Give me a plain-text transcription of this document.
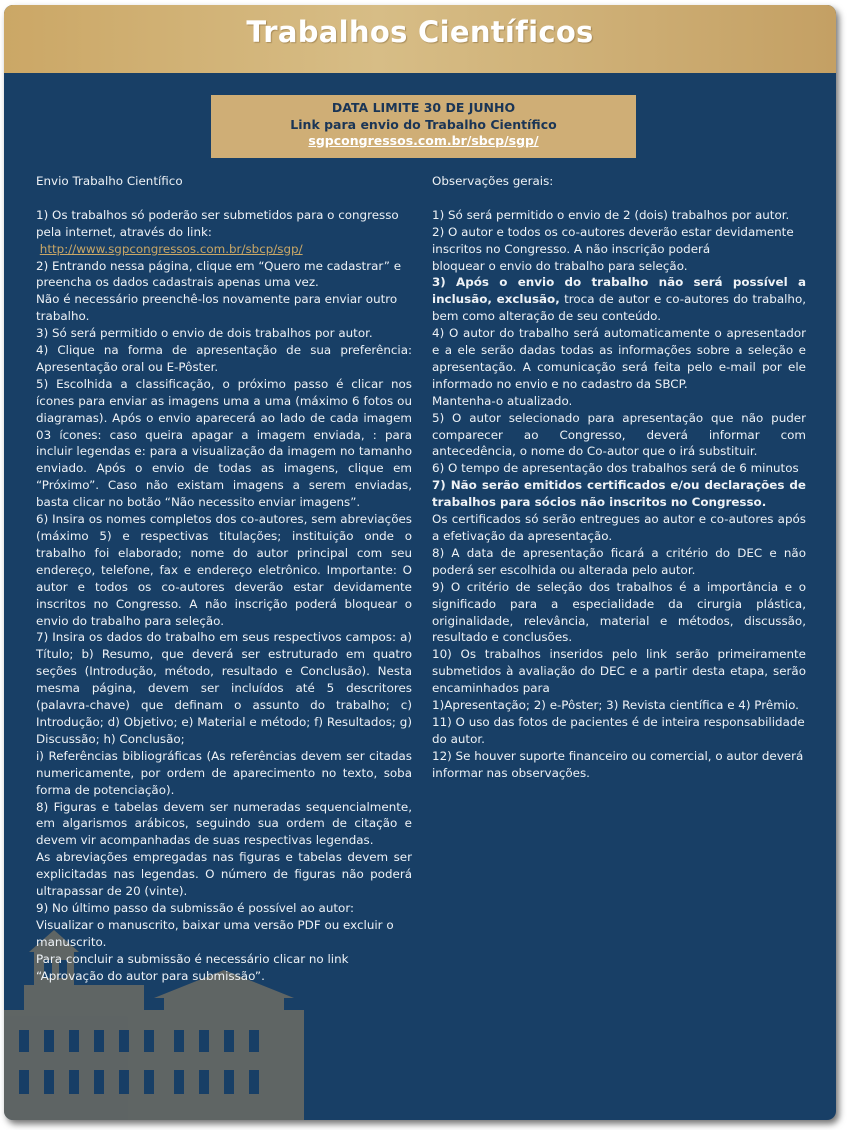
Trabalhos Científicos
DATA LIMITE 30 DE JUNHO
Link para envio do Trabalho Científico
sgpcongressos.com.br/sbcp/sgp/

Envio Trabalho Científico

1) Os trabalhos só poderão ser submetidos para o congresso pela internet, através do link:

http://www.sgpcongressos.com.br/sbcp/sgp/

2) Entrando nessa página, clique em “Quero me cadastrar” e preencha os dados cadastrais apenas uma vez.
Não é necessário preenchê-los novamente para enviar outro trabalho.

3) Só será permitido o envio de dois trabalhos por autor.

4) Clique na forma de apresentação de sua preferência: Apresentação oral ou E-Pôster.

5) Escolhida a classificação, o próximo passo é clicar nos ícones para enviar as imagens uma a uma (máximo 6 fotos ou diagramas). Após o envio aparecerá ao lado de cada imagem 03 ícones: caso queira apagar a imagem enviada, : para incluir legendas e: para a visualização da imagem no tamanho enviado. Após o envio de todas as imagens, clique em “Próximo”. Caso não existam imagens a serem enviadas, basta clicar no botão “Não necessito enviar imagens”.

6) Insira os nomes completos dos co-autores, sem abreviações (máximo 5) e respectivas titulações; instituição onde o trabalho foi elaborado; nome do autor principal com seu endereço, telefone, fax e endereço eletrônico. Importante: O autor e todos os co-autores deverão estar devidamente inscritos no Congresso. A não inscrição poderá bloquear o envio do trabalho para seleção.

7) Insira os dados do trabalho em seus respectivos campos: a) Título; b) Resumo, que deverá ser estruturado em quatro seções (Introdução, método, resultado e Conclusão). Nesta mesma página, devem ser incluídos até 5 descritores (palavra-chave) que definam o assunto do trabalho; c) Introdução; d) Objetivo; e) Material e método; f) Resultados; g) Discussão; h) Conclusão;
i) Referências bibliográficas (As referências devem ser citadas numericamente, por ordem de aparecimento no texto, soba  forma de potenciação).

8) Figuras e tabelas devem ser numeradas sequencialmente, em algarismos arábicos, seguindo sua ordem de citação e devem vir acompanhadas de suas respectivas legendas.
As abreviações empregadas nas figuras e tabelas devem ser explicitadas nas legendas. O número de figuras não poderá ultrapassar de 20 (vinte).

9) No último passo da submissão é possível ao autor: Visualizar o manuscrito, baixar uma versão PDF ou excluir o manuscrito.
Para concluir a submissão é necessário clicar no link “Aprovação do autor para submissão”.

Observações gerais:

1) Só será permitido o envio de 2 (dois) trabalhos por autor.

2) O autor e todos os co-autores deverão estar devidamente inscritos no Congresso. A não inscrição poderá
bloquear o envio do trabalho para seleção.

3) Após o envio do trabalho não será possível a inclusão, exclusão, troca de autor e co-autores do trabalho, bem como alteração de seu conteúdo.

4) O autor do trabalho será automaticamente o apresentador e a ele serão dadas todas as informações sobre a seleção e apresentação. A comunicação será feita pelo e-mail por ele informado no envio e no cadastro da SBCP.
Mantenha-o atualizado.

5) O autor selecionado para apresentação que não puder comparecer ao Congresso, deverá informar com antecedência, o nome do Co-autor que o irá substituir.

6) O tempo de apresentação dos trabalhos será de 6 minutos

7) Não serão emitidos certificados e/ou declarações de trabalhos para sócios não inscritos no Congresso.

Os certificados só serão entregues ao autor e co-autores após a efetivação da apresentação.

8) A data de apresentação ficará a critério do DEC e não poderá ser escolhida ou alterada pelo autor.

9) O critério de seleção dos trabalhos é a importância e o significado para a especialidade da cirurgia plástica, originalidade, relevância, material e métodos, discussão, resultado e conclusões.

10) Os trabalhos inseridos pelo link serão primeiramente submetidos à avaliação do DEC e a partir desta etapa, serão encaminhados para
1)Apresentação; 2) e-Pôster; 3) Revista científica e 4) Prêmio.

11) O uso das fotos de pacientes é de inteira responsabilidade do autor.

12) Se houver suporte financeiro ou comercial, o autor deverá informar nas observações.
